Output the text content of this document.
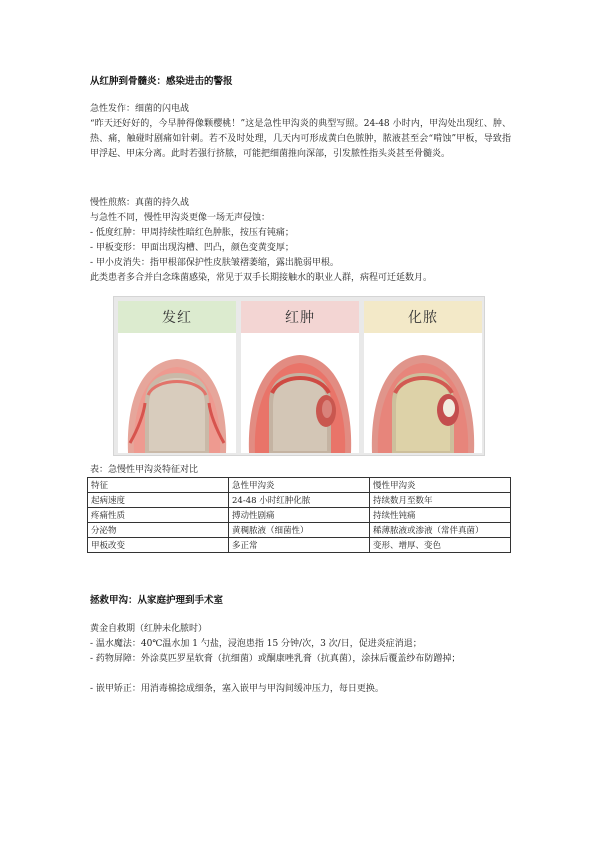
从红肿到骨髓炎：感染进击的警报
急性发作：细菌的闪电战
“昨天还好好的，今早肿得像颗樱桃！”这是急性甲沟炎的典型写照。24-48 小时内，甲沟处出现红、肿、热、痛，触碰时剧痛如针刺。若不及时处理，几天内可形成黄白色脓肿，脓液甚至会“啃蚀”甲板，导致指甲浮起、甲床分离。此时若强行挤脓，可能把细菌推向深部，引发脓性指头炎甚至骨髓炎。
慢性煎熬：真菌的持久战
与急性不同，慢性甲沟炎更像一场无声侵蚀：
- 低度红肿：甲周持续性暗红色肿胀，按压有钝痛；
- 甲板变形：甲面出现沟槽、凹凸，颜色变黄变厚；
- 甲小皮消失：指甲根部保护性皮肤皱褶萎缩，露出脆弱甲根。
此类患者多合并白念珠菌感染，常见于双手长期接触水的职业人群，病程可迁延数月。
发红	红肿	化脓
表：急慢性甲沟炎特征对比
特征	急性甲沟炎	慢性甲沟炎
起病速度	24-48 小时红肿化脓	持续数月至数年
疼痛性质	搏动性剧痛	持续性钝痛
分泌物	黄稠脓液（细菌性）	稀薄脓液或渗液（常伴真菌）
甲板改变	多正常	变形、增厚、变色
拯救甲沟：从家庭护理到手术室
黄金自救期（红肿未化脓时）
- 温水魔法：40℃温水加 1 勺盐，浸泡患指 15 分钟/次，3 次/日，促进炎症消退；
- 药物屏障：外涂莫匹罗星软膏（抗细菌）或酮康唑乳膏（抗真菌），涂抹后覆盖纱布防蹭掉；
- 嵌甲矫正：用消毒棉捻成细条，塞入嵌甲与甲沟间缓冲压力，每日更换。
